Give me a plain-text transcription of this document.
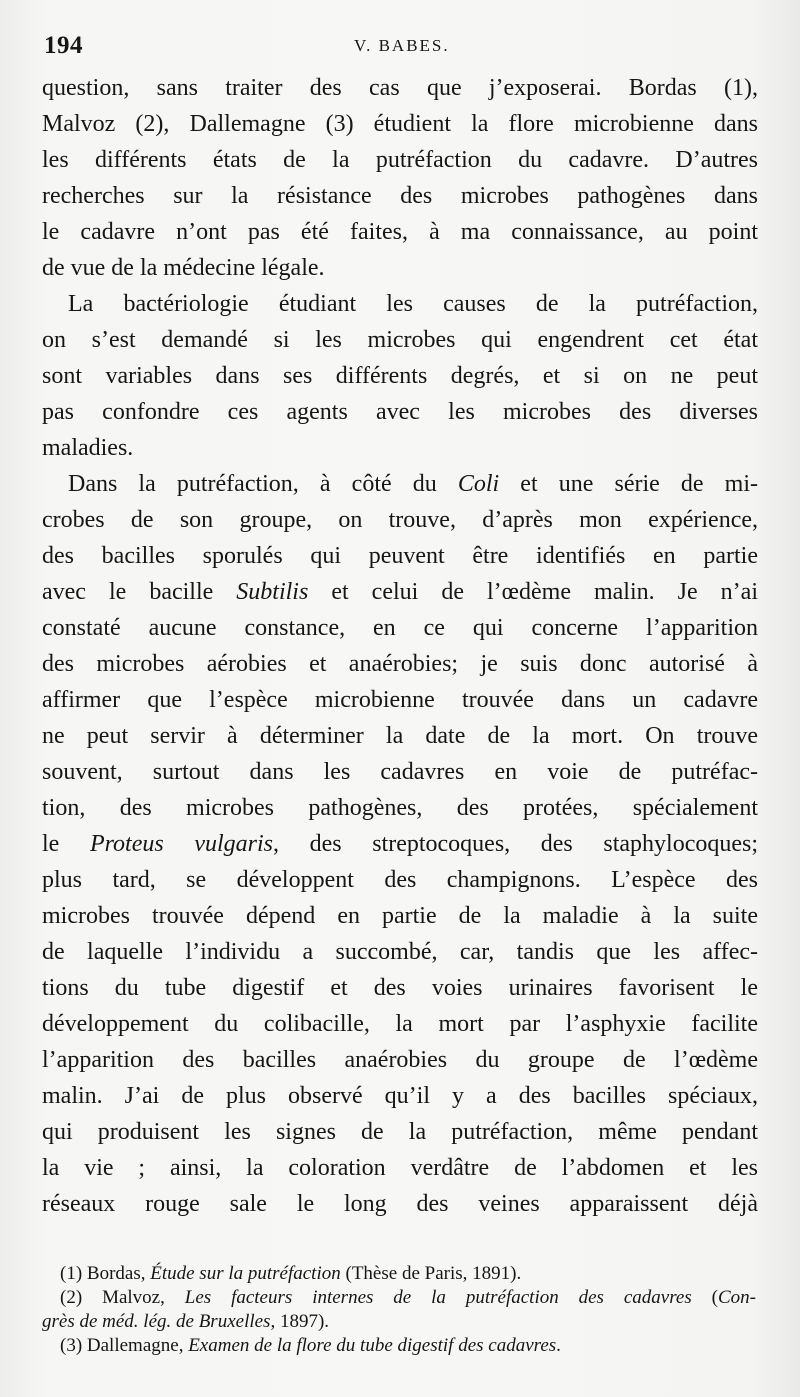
194	V. BABES.
question, sans traiter des cas que j’exposerai. Bordas (1),
Malvoz (2), Dallemagne (3) étudient la flore microbienne dans
les différents états de la putréfaction du cadavre. D’autres
recherches sur la résistance des microbes pathogènes dans
le cadavre n’ont pas été faites, à ma connaissance, au point
de vue de la médecine légale.
La bactériologie étudiant les causes de la putréfaction,
on s’est demandé si les microbes qui engendrent cet état
sont variables dans ses différents degrés, et si on ne peut
pas confondre ces agents avec les microbes des diverses
maladies.
Dans la putréfaction, à côté du Coli et une série de mi-
crobes de son groupe, on trouve, d’après mon expérience,
des bacilles sporulés qui peuvent être identifiés en partie
avec le bacille Subtilis et celui de l’œdème malin. Je n’ai
constaté aucune constance, en ce qui concerne l’apparition
des microbes aérobies et anaérobies; je suis donc autorisé à
affirmer que l’espèce microbienne trouvée dans un cadavre
ne peut servir à déterminer la date de la mort. On trouve
souvent, surtout dans les cadavres en voie de putréfac-
tion, des microbes pathogènes, des protées, spécialement
le Proteus vulgaris, des streptocoques, des staphylocoques;
plus tard, se développent des champignons. L’espèce des
microbes trouvée dépend en partie de la maladie à la suite
de laquelle l’individu a succombé, car, tandis que les affec-
tions du tube digestif et des voies urinaires favorisent le
développement du colibacille, la mort par l’asphyxie facilite
l’apparition des bacilles anaérobies du groupe de l’œdème
malin. J’ai de plus observé qu’il y a des bacilles spéciaux,
qui produisent les signes de la putréfaction, même pendant
la vie ; ainsi, la coloration verdâtre de l’abdomen et les
réseaux rouge sale le long des veines apparaissent déjà
(1) Bordas, Étude sur la putréfaction (Thèse de Paris, 1891).
(2) Malvoz, Les facteurs internes de la putréfaction des cadavres (Con-
grès de méd. lég. de Bruxelles, 1897).
(3) Dallemagne, Examen de la flore du tube digestif des cadavres.
